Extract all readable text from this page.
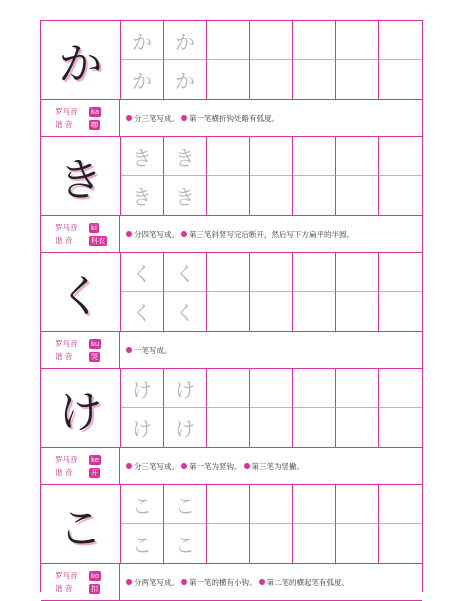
か	か	か
か	か
罗马音	ka
谐 音	咖
分三笔写成。 第一笔横折钩处略有弧度。
き	き	き
き	き
罗马音	ki
谐 音	科衣
分四笔写成。 第三笔斜竖写完后断开，然后写下方扁平的半圆。
く	く	く
く	く
罗马音	ku
谐 音	哭
一笔写成。
け	け	け
け	け
罗马音	ke
谐 音	开
分三笔写成。 第一笔为竖钩。 第三笔为竖撇。
こ	こ	こ
こ	こ
罗马音	ko
谐 音	扣
分两笔写成。 第一笔的横有小钩。 第二笔的横起笔有弧度。
